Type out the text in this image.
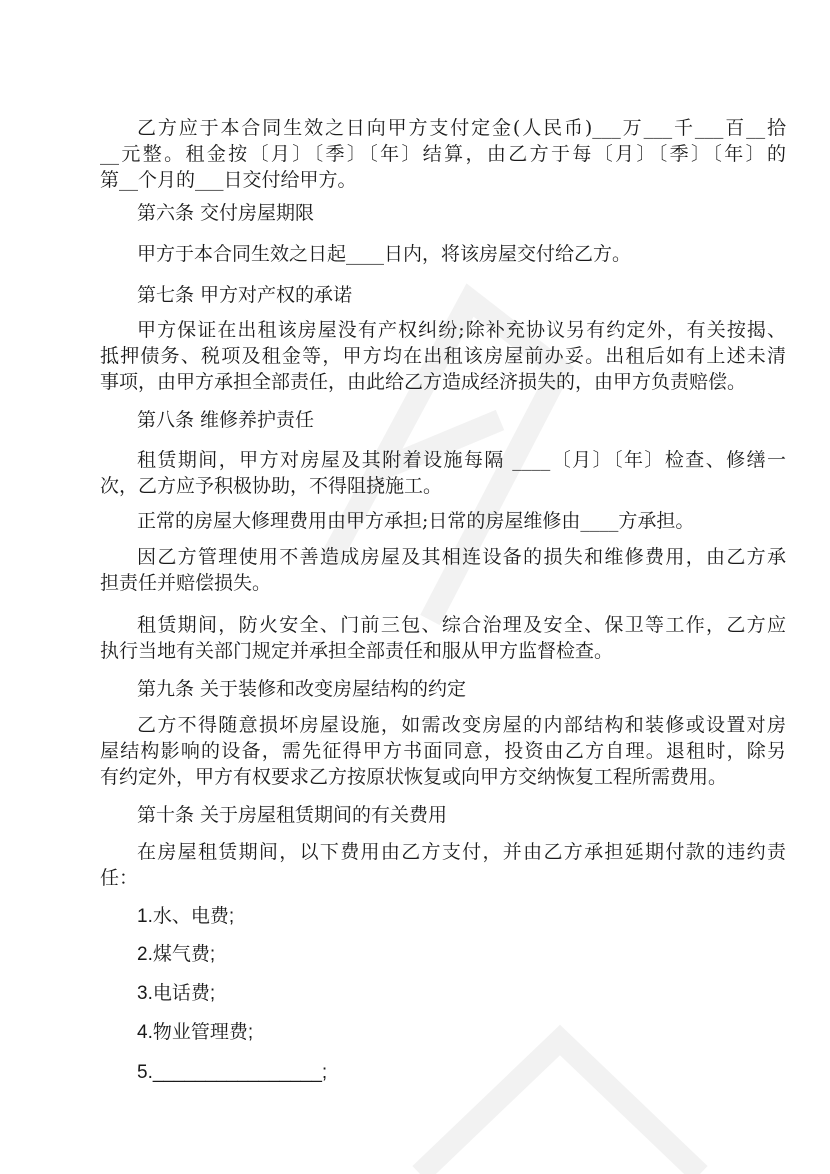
乙方应于本合同生效之日向甲方支付定金(人民币)___万___千___百__拾
__元整。租金按〔月〕〔季〕〔年〕结算，由乙方于每〔月〕〔季〕〔年〕的
第__个月的___日交付给甲方。
第六条 交付房屋期限
甲方于本合同生效之日起____日内，将该房屋交付给乙方。
第七条 甲方对产权的承诺
甲方保证在出租该房屋没有产权纠纷;除补充协议另有约定外，有关按揭、
抵押债务、税项及租金等，甲方均在出租该房屋前办妥。出租后如有上述未清
事项，由甲方承担全部责任，由此给乙方造成经济损失的，由甲方负责赔偿。
第八条 维修养护责任
租赁期间，甲方对房屋及其附着设施每隔 ____〔月〕〔年〕检查、修缮一
次，乙方应予积极协助，不得阻挠施工。
正常的房屋大修理费用由甲方承担;日常的房屋维修由____方承担。
因乙方管理使用不善造成房屋及其相连设备的损失和维修费用，由乙方承
担责任并赔偿损失。
租赁期间，防火安全、门前三包、综合治理及安全、保卫等工作，乙方应
执行当地有关部门规定并承担全部责任和服从甲方监督检查。
第九条 关于装修和改变房屋结构的约定
乙方不得随意损坏房屋设施，如需改变房屋的内部结构和装修或设置对房
屋结构影响的设备，需先征得甲方书面同意，投资由乙方自理。退租时，除另
有约定外，甲方有权要求乙方按原状恢复或向甲方交纳恢复工程所需费用。
第十条 关于房屋租赁期间的有关费用
在房屋租赁期间，以下费用由乙方支付，并由乙方承担延期付款的违约责
任：
1.水、电费;
2.煤气费;
3.电话费;
4.物业管理费;
5.________________;
